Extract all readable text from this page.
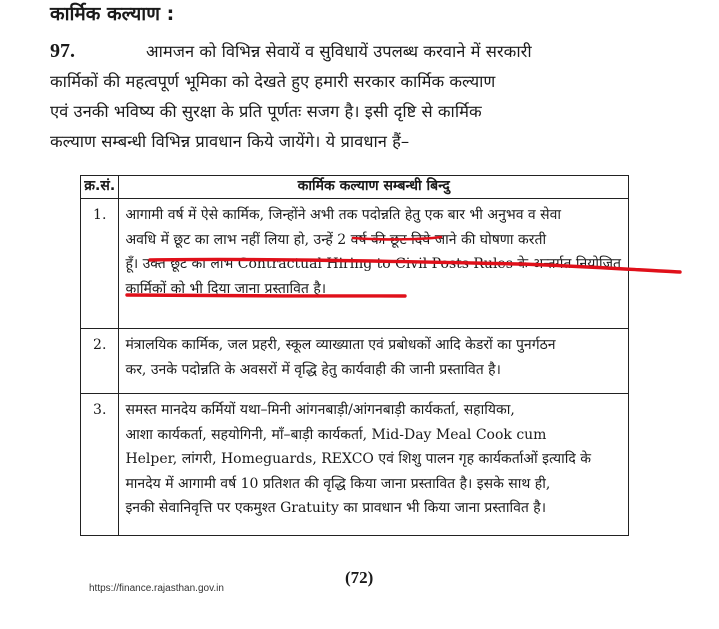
कार्मिक कल्याण :
97.	आमजन को विभिन्न सेवायें व सुविधायें उपलब्ध करवाने में सरकारी
कार्मिकों की महत्वपूर्ण भूमिका को देखते हुए हमारी सरकार कार्मिक कल्याण
एवं उनकी भविष्य की सुरक्षा के प्रति पूर्णतः सजग है। इसी दृष्टि से कार्मिक
कल्याण सम्बन्धी विभिन्न प्रावधान किये जायेंगे। ये प्रावधान हैं–
क्र.सं.	कार्मिक कल्याण सम्बन्धी बिन्दु
1.	आगामी वर्ष में ऐसे कार्मिक, जिन्होंने अभी तक पदोन्नति हेतु एक बार भी अनुभव व सेवा
अवधि में छूट का लाभ नहीं लिया हो, उन्हें 2 वर्ष की छूट दिये जाने की घोषणा करती
हूँ। उक्त छूट का लाभ Contractual Hiring to Civil Posts Rules के अन्तर्गत नियोजित
कार्मिकों को भी दिया जाना प्रस्तावित है।

2.	मंत्रालयिक कार्मिक, जल प्रहरी, स्कूल व्याख्याता एवं प्रबोधकों आदि केडरों का पुनर्गठन
कर, उनके पदोन्नति के अवसरों में वृद्धि हेतु कार्यवाही की जानी प्रस्तावित है।

3.	समस्त मानदेय कर्मियों यथा–मिनी आंगनबाड़ी/आंगनबाड़ी कार्यकर्ता, सहायिका,
आशा कार्यकर्ता, सहयोगिनी, माँ–बाड़ी कार्यकर्ता, Mid-Day Meal Cook cum
Helper, लांगरी, Homeguards, REXCO एवं शिशु पालन गृह कार्यकर्ताओं इत्यादि के
मानदेय में आगामी वर्ष 10 प्रतिशत की वृद्धि किया जाना प्रस्तावित है। इसके साथ ही,
इनकी सेवानिवृत्ति पर एकमुश्त Gratuity का प्रावधान भी किया जाना प्रस्तावित है।
(72)
https://finance.rajasthan.gov.in
